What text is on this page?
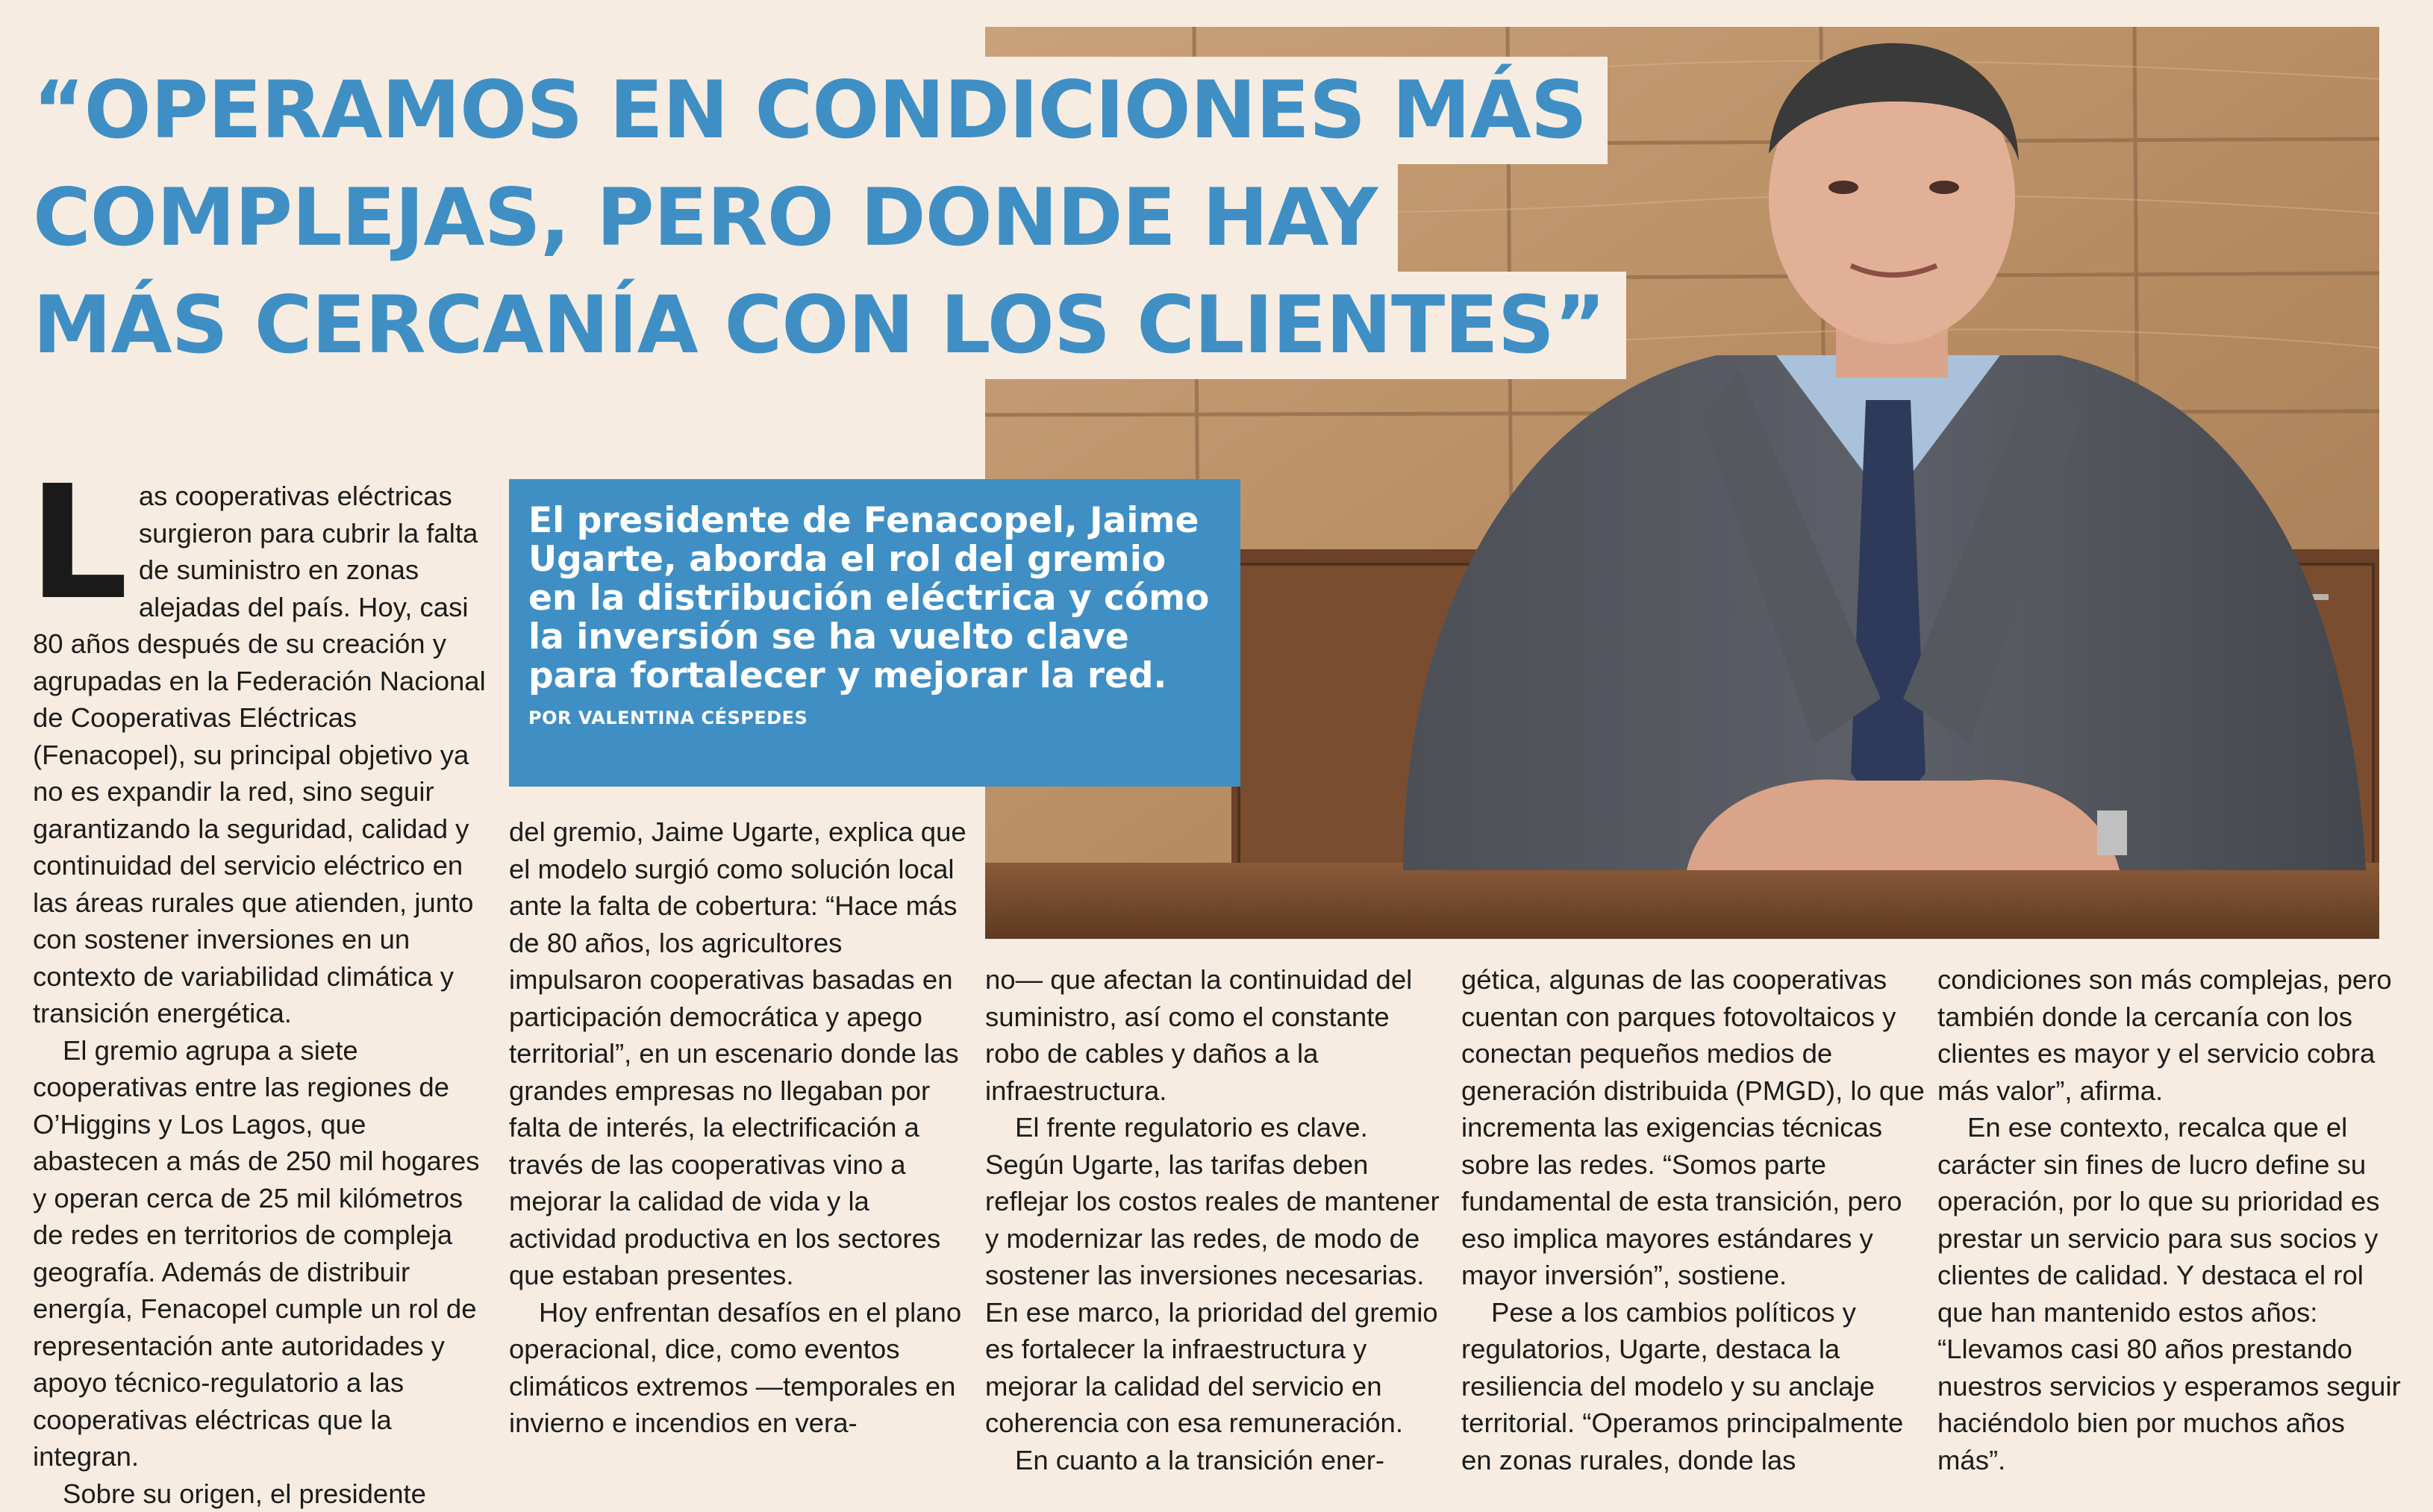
“OPERAMOS EN CONDICIONES MÁS
COMPLEJAS, PERO DONDE HAY
MÁS CERCANÍA CON LOS CLIENTES”

El presidente de Fenacopel, Jaime Ugarte, aborda el rol del gremio en la distribución eléctrica y cómo la inversión se ha vuelto clave para fortalecer y mejorar la red.

POR VALENTINA CÉSPEDES
L as cooperativas eléctricas surgieron para cubrir la falta de suministro en zonas alejadas del país. Hoy, casi 80 años después de su creación y agrupadas en la Federación Nacional de Cooperativas Eléctricas (Fenacopel), su principal objetivo ya no es expandir la red, sino seguir garantizando la seguridad, calidad y continuidad del servicio eléctrico en las áreas rurales que atienden, junto con sostener inversiones en un contexto de variabilidad climática y transición energética.

El gremio agrupa a siete cooperativas entre las regiones de O’Higgins y Los Lagos, que abastecen a más de 250 mil hogares y operan cerca de 25 mil kilómetros de redes en territorios de compleja geografía. Además de distribuir energía, Fenacopel cumple un rol de representación ante autoridades y apoyo técnico-regulatorio a las cooperativas eléctricas que la integran.

Sobre su origen, el presidente

del gremio, Jaime Ugarte, explica que el modelo surgió como solución local ante la falta de cobertura: “Hace más de 80 años, los agricultores impulsaron cooperativas basadas en participación democrática y apego territorial”, en un escenario donde las grandes empresas no llegaban por falta de interés, la electrificación a través de las cooperativas vino a mejorar la calidad de vida y la actividad productiva en los sectores que estaban presentes.

Hoy enfrentan desafíos en el plano operacional, dice, como eventos climáticos extremos —temporales en invierno e incendios en vera-

no— que afectan la continuidad del suministro, así como el constante robo de cables y daños a la infraestructura.

El frente regulatorio es clave. Según Ugarte, las tarifas deben reflejar los costos reales de mantener y modernizar las redes, de modo de sostener las inversiones necesarias. En ese marco, la prioridad del gremio es fortalecer la infraestructura y mejorar la calidad del servicio en coherencia con esa remuneración.

En cuanto a la transición ener-

gética, algunas de las cooperativas cuentan con parques fotovoltaicos y conectan pequeños medios de generación distribuida (PMGD), lo que incrementa las exigencias técnicas sobre las redes. “Somos parte fundamental de esta transición, pero eso implica mayores estándares y mayor inversión”, sostiene.

Pese a los cambios políticos y regulatorios, Ugarte, destaca la resiliencia del modelo y su anclaje territorial. “Operamos principalmente en zonas rurales, donde las

condiciones son más complejas, pero también donde la cercanía con los clientes es mayor y el servicio cobra más valor”, afirma.

En ese contexto, recalca que el carácter sin fines de lucro define su operación, por lo que su prioridad es prestar un servicio para sus socios y clientes de calidad. Y destaca el rol que han mantenido estos años: “Llevamos casi 80 años prestando nuestros servicios y esperamos seguir haciéndolo bien por muchos años más”.
